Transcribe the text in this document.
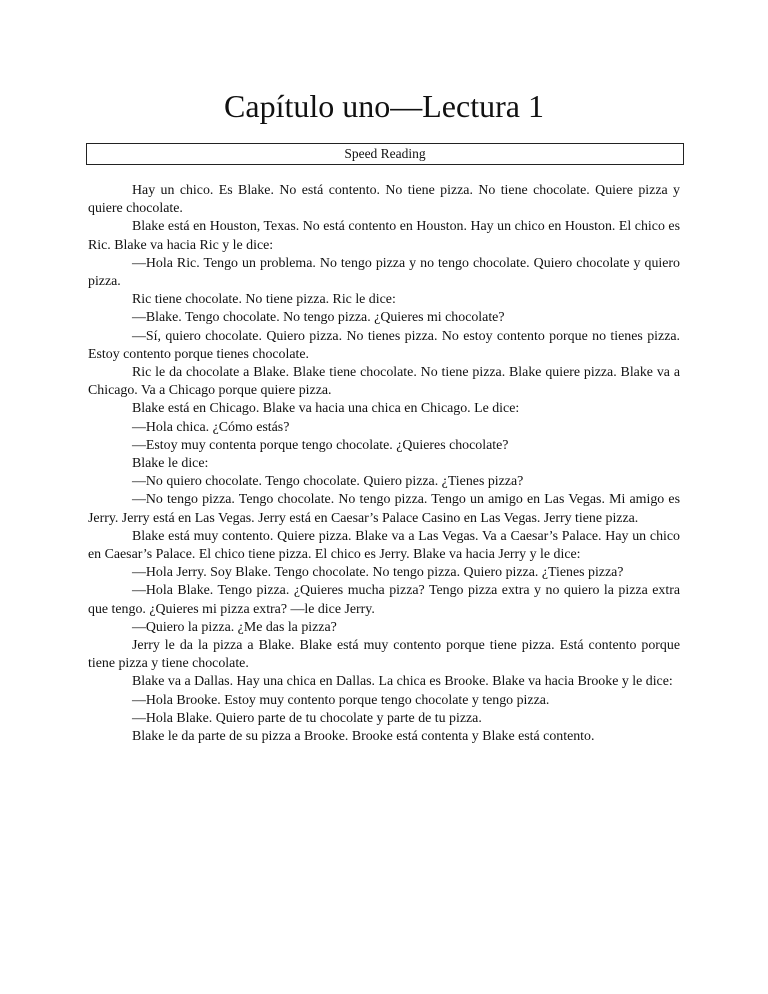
Capítulo uno—Lectura 1
Speed Reading

Hay un chico. Es Blake. No está contento. No tiene pizza. No tiene chocolate. Quiere pizza y quiere chocolate.

Blake está en Houston, Texas. No está contento en Houston. Hay un chico en Houston. El chico es Ric. Blake va hacia Ric y le dice:

—Hola Ric. Tengo un problema. No tengo pizza y no tengo chocolate. Quiero chocolate y quiero pizza.

Ric tiene chocolate. No tiene pizza. Ric le dice:

—Blake. Tengo chocolate. No tengo pizza. ¿Quieres mi chocolate?

—Sí, quiero chocolate. Quiero pizza. No tienes pizza. No estoy contento porque no tienes pizza. Estoy contento porque tienes chocolate.

Ric le da chocolate a Blake. Blake tiene chocolate. No tiene pizza. Blake quiere pizza. Blake va a Chicago. Va a Chicago porque quiere pizza.

Blake está en Chicago. Blake va hacia una chica en Chicago. Le dice:

—Hola chica. ¿Cómo estás?

—Estoy muy contenta porque tengo chocolate. ¿Quieres chocolate?

Blake le dice:

—No quiero chocolate. Tengo chocolate. Quiero pizza. ¿Tienes pizza?

—No tengo pizza. Tengo chocolate. No tengo pizza. Tengo un amigo en Las Vegas. Mi amigo es Jerry. Jerry está en Las Vegas. Jerry está en Caesar’s Palace Casino en Las Vegas. Jerry tiene pizza.

Blake está muy contento. Quiere pizza. Blake va a Las Vegas. Va a Caesar’s Palace. Hay un chico en Caesar’s Palace. El chico tiene pizza. El chico es Jerry. Blake va hacia Jerry y le dice:

—Hola Jerry. Soy Blake. Tengo chocolate. No tengo pizza. Quiero pizza. ¿Tienes pizza?

—Hola Blake. Tengo pizza. ¿Quieres mucha pizza? Tengo pizza extra y no quiero la pizza extra que tengo. ¿Quieres mi pizza extra? —le dice Jerry.

—Quiero la pizza. ¿Me das la pizza?

Jerry le da la pizza a Blake. Blake está muy contento porque tiene pizza. Está contento porque tiene pizza y tiene chocolate.

Blake va a Dallas. Hay una chica en Dallas. La chica es Brooke. Blake va hacia Brooke y le dice:

—Hola Brooke. Estoy muy contento porque tengo chocolate y tengo pizza.

—Hola Blake. Quiero parte de tu chocolate y parte de tu pizza.

Blake le da parte de su pizza a Brooke. Brooke está contenta y Blake está contento.
